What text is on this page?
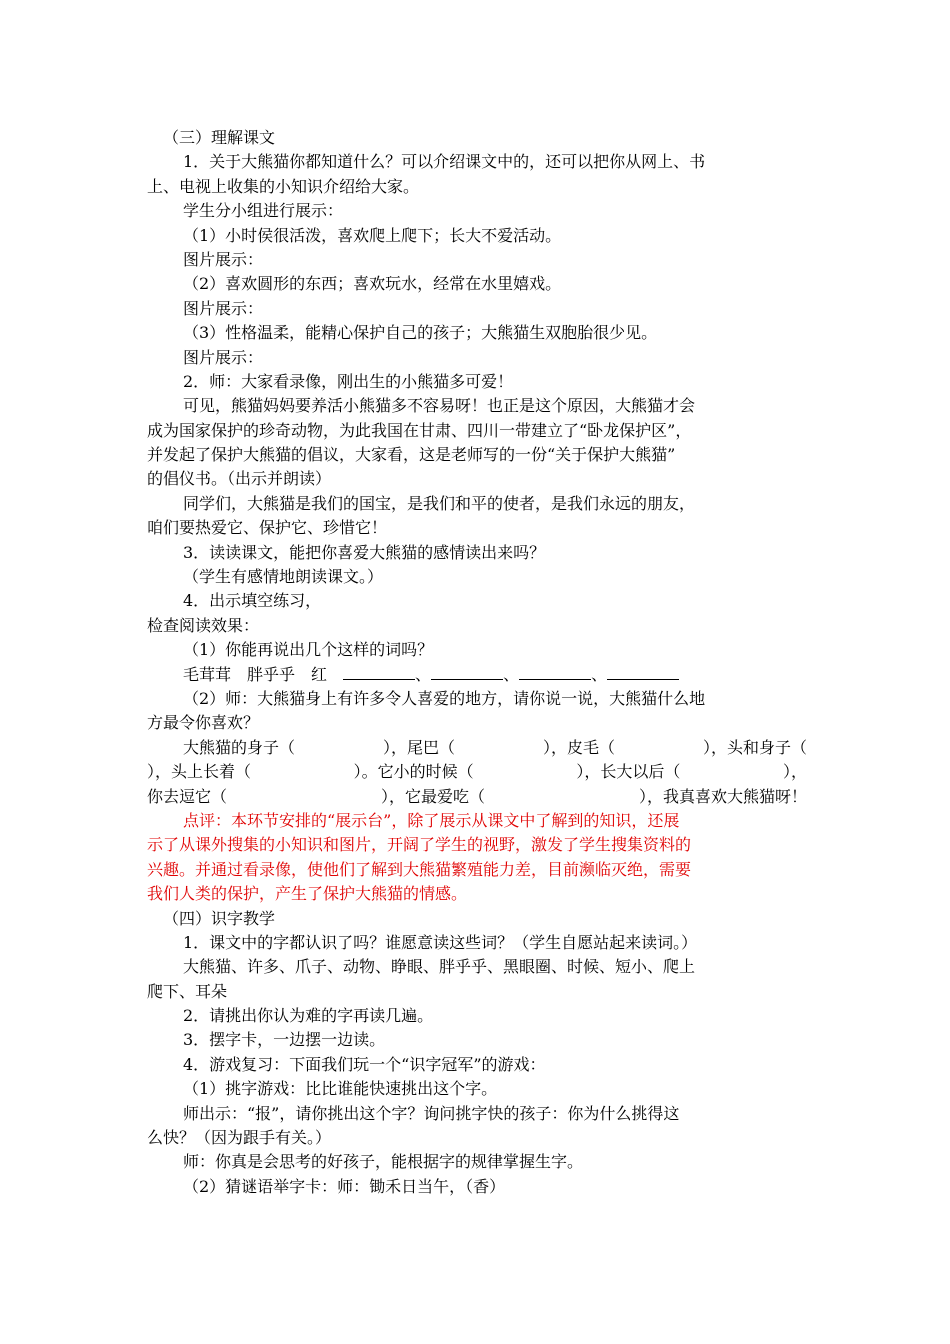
（三）理解课文
1．关于大熊猫你都知道什么？可以介绍课文中的，还可以把你从网上、书
上、电视上收集的小知识介绍给大家。
学生分小组进行展示：
（1）小时侯很活泼，喜欢爬上爬下；长大不爱活动。
图片展示：
（2）喜欢圆形的东西；喜欢玩水，经常在水里嬉戏。
图片展示：
（3）性格温柔，能精心保护自己的孩子；大熊猫生双胞胎很少见。
图片展示：
2．师：大家看录像，刚出生的小熊猫多可爱！
可见，熊猫妈妈要养活小熊猫多不容易呀！也正是这个原因，大熊猫才会
成为国家保护的珍奇动物，为此我国在甘肃、四川一带建立了“卧龙保护区”，
并发起了保护大熊猫的倡议，大家看，这是老师写的一份“关于保护大熊猫”
的倡仪书。（出示并朗读）
同学们，大熊猫是我们的国宝，是我们和平的使者，是我们永远的朋友，
咱们要热爱它、保护它、珍惜它！
3．读读课文，能把你喜爱大熊猫的感情读出来吗？
（学生有感情地朗读课文。）
4．出示填空练习，
检查阅读效果：
（1）你能再说出几个这样的词吗？
毛茸茸 胖乎乎 红	、	、	、
（2）师：大熊猫身上有许多令人喜爱的地方，请你说一说，大熊猫什么地
方最令你喜欢？
大熊猫的身子（	），尾巴（	），皮毛（	），头和身子（
），头上长着（	）。它小的时候（	），长大以后（	），
你去逗它（	），它最爱吃（	），我真喜欢大熊猫呀！
点评：本环节安排的“展示台”，除了展示从课文中了解到的知识，还展
示了从课外搜集的小知识和图片，开阔了学生的视野，激发了学生搜集资料的
兴趣。并通过看录像，使他们了解到大熊猫繁殖能力差，目前濒临灭绝，需要
我们人类的保护，产生了保护大熊猫的情感。
（四）识字教学
1．课文中的字都认识了吗？谁愿意读这些词？（学生自愿站起来读词。）
大熊猫、许多、爪子、动物、睁眼、胖乎乎、黑眼圈、时候、短小、爬上
爬下、耳朵
2．请挑出你认为难的字再读几遍。
3．摆字卡，一边摆一边读。
4．游戏复习：下面我们玩一个“识字冠军”的游戏：
（1）挑字游戏：比比谁能快速挑出这个字。
师出示：“报”，请你挑出这个字？询问挑字快的孩子：你为什么挑得这
么快？（因为跟手有关。）
师：你真是会思考的好孩子，能根据字的规律掌握生字。
（2）猜谜语举字卡：师：锄禾日当午，（香）
